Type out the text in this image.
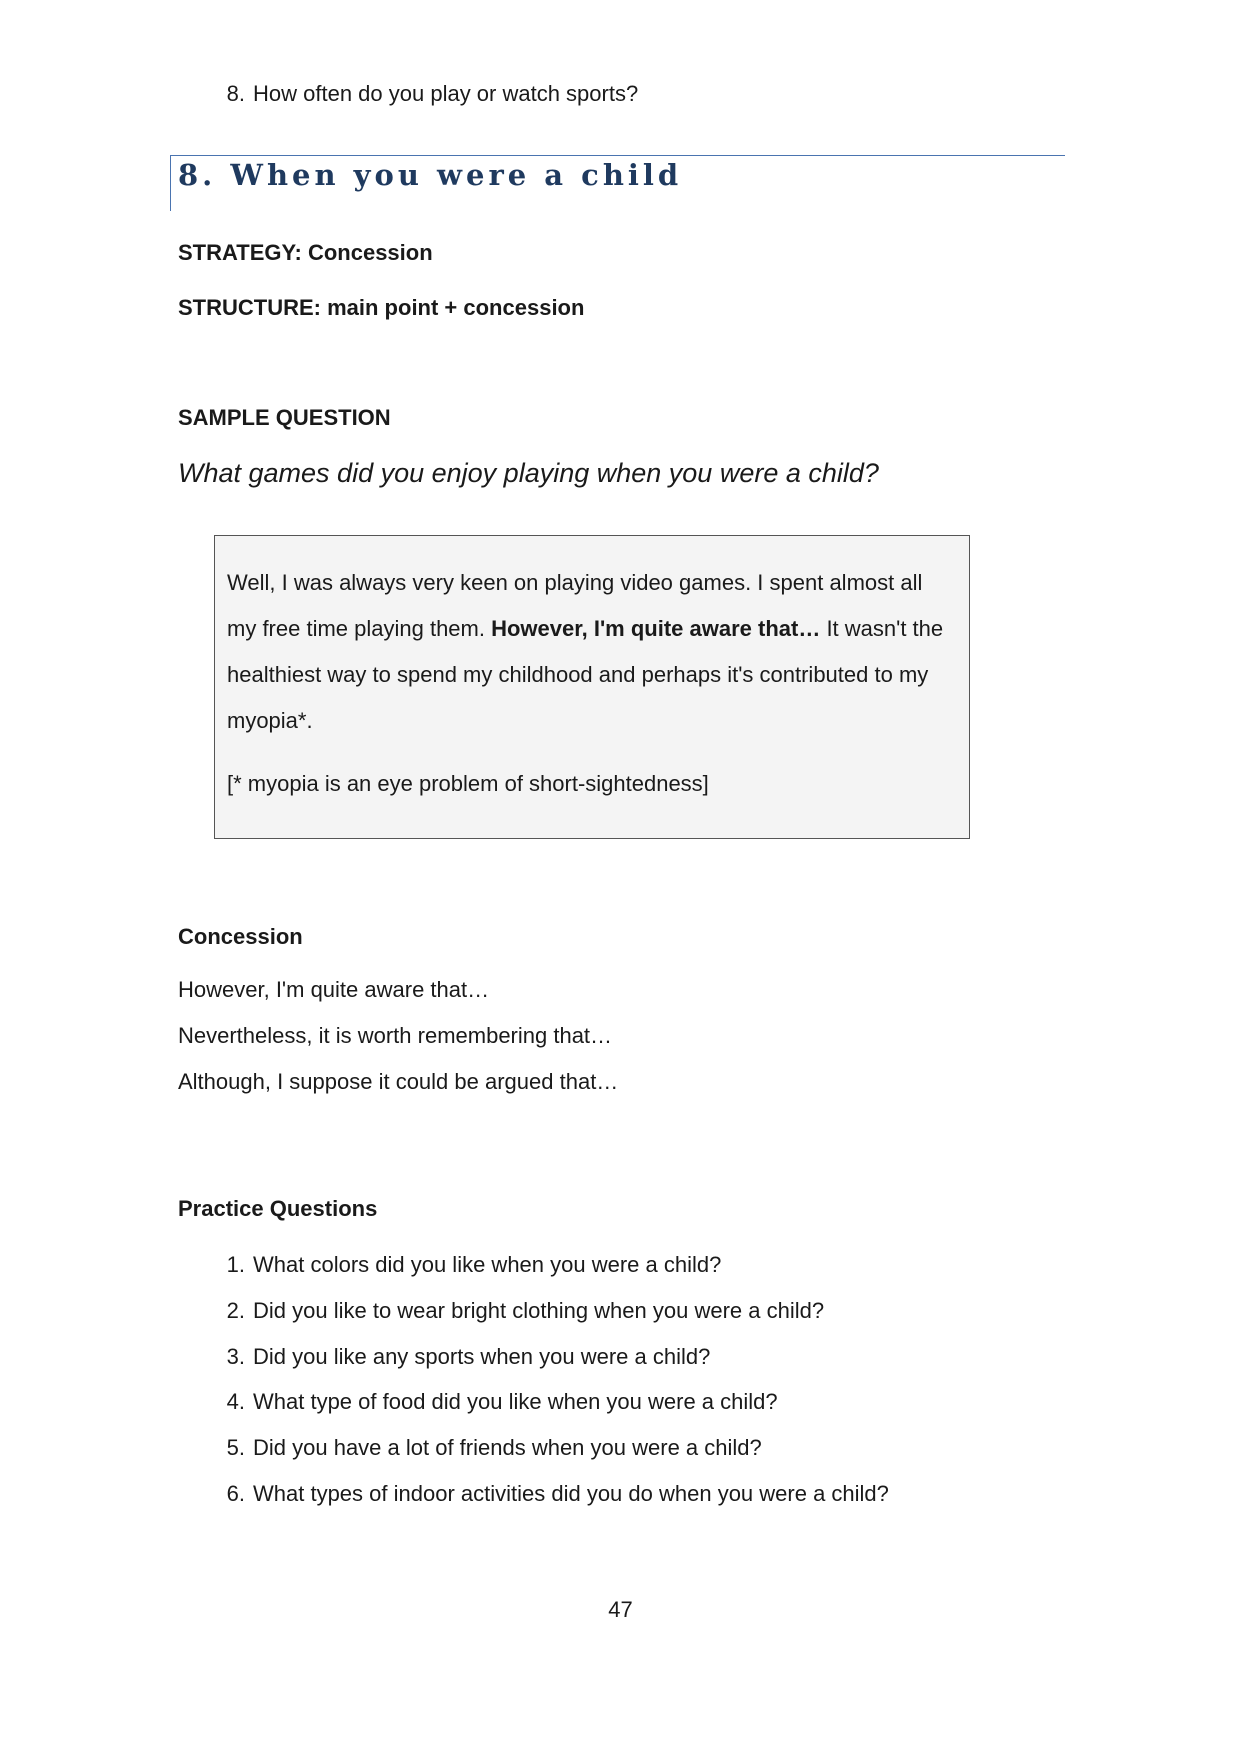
8. How often do you play or watch sports?
8. When you were a child
STRATEGY: Concession
STRUCTURE: main point + concession
SAMPLE QUESTION
What games did you enjoy playing when you were a child?
Well, I was always very keen on playing video games. I spent almost all my free time playing them. However, I'm quite aware that… It wasn't the healthiest way to spend my childhood and perhaps it's contributed to my myopia*.
[* myopia is an eye problem of short-sightedness]
Concession
However, I'm quite aware that…
Nevertheless, it is worth remembering that…
Although, I suppose it could be argued that…
Practice Questions
1. What colors did you like when you were a child?
2. Did you like to wear bright clothing when you were a child?
3. Did you like any sports when you were a child?
4. What type of food did you like when you were a child?
5. Did you have a lot of friends when you were a child?
6. What types of indoor activities did you do when you were a child?
47
